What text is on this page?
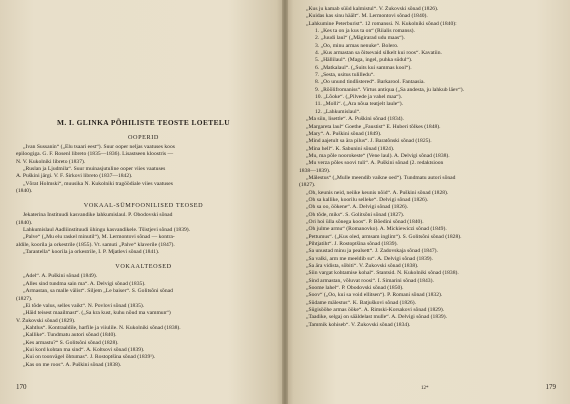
M. I. GLINKA PÕHILISTE TEOSTE LOETELU
OOPERID
„Ivan Sussanin“ („Elu tsaari eest“). Suur ooper neljas vaatuses koos
epiloogiga. G. F. Rosenl libreto (1835—1836). Lisastseen kloostris —
N. V. Kukolniki libreto (1837).
„Ruslan ja Ljudmila“. Suur muinasjutuline ooper viies vaatuses
A. Puškini järgi. V. F. Širkovi libreto (1837—1842).
„Võrat Holmski“, muusika N. Kukolniki tragöödiale viies vaatuses
(1840).
VOKAAL-SÜMFOONILISED TEOSED
Jekaterina Instituudi kasvandike lahkumislaul. P. Obodovski sõnad
(1840).
Lahkumislaul Aadliinstituudi ühingu kasvandikele. Tšistjevi sõnad (1839).
„Palve“ („Mu elu raskel minutil“), M. Lermontovi sõnad — kontra-
aldile, koorila ja orkestrile (1855). Vt. samuti „Palve“ klaverile (1847).
„Tarantella“ koorila ja orkestrile, I. P. Mjatlevi sõnad (1841).
VOKAALTEOSED
„Adel“. A. Puškini sõnad (1849).
„Alles sind tundma sain ma“. A. Delvigi sõnad (1835).
„Armastan, sa malle välist“. Siljem „Le baiser“. S. Golitsõni sõnad
(1827).
„Ei tõde valus, selles vaikt“. N. Povlovi sõnad (1835).
„Häid teisest maailmast“. („Sa kra kust, kuhu nõud ma vammun“)
V. Žukovski sõnad (1829).
„Kahtlus“. Kontraaldile, harfile ja viiulile. N. Kukolniki sõnad (1838).
„Kallike“. Tundmatu autori sõnad (1840).
„Kes armastu?“ S. Golitsõni sõnad (1828).
„Kui kord kohtan ma sind“. A. Koltsovi sõnad (1839).
„Kui on toonvägel õhtumas“. J. Rostoptšina sõnad (1839¹).
„Kas on me roos“. A. Puškini sõnad (1838).
170
„Kus ju kamab süüd kalmistul“. V. Žukovski sõnad (1826).
„Kuidas kas sinu häält“. M. Lermontovi sõnad (1840).
„Lahkumine Peterburist“. 12 romanssi. N. Kukolniki sõnad (1840):
1. „Kes ta on ja kus ta on“ (Riialis romanss).
2. „Juudi laul“ („Mägirarad udu maas“).
3. „Oo, minu armas nenuke“. Bolero.
4. „Kus armastan sa õitsevaid silkelt kui roos“. Kavatiin.
5. „Hällilaul“. (Maga, ingel, puhka südul“).
6. „Matkalaul“. („Suits kui sammas kool“).
7. „Sesta, usitus tulilledu“.
8. „Oo unund tindlistered“. Barkarool. Fantaasia.
9. „Rõõlifromaniss“. Virtus antiqua („Sa andestа, ju lahkub läev“).
10. „Lõoke“. („Pilvede ja vahel maa“).
11. „Molli“. („Ära nõua teatjelt laule“).
12. „Lahkumislaul“.
„Ma siin, lisettle“. A. Puškini sõnad (1834).
„Margareta laul“ Goethe „Faustist“ E. Huberi tõlkes (1848).
„Mary“. A. Puškini sõnad (1849).
„Mind aajetult sa ära pilus“. J. Baratõnski sõnad (1825).
„Mina hell“. K. Šabunini sõnad (1824).
„Mu, ma põle noorokeste“ (Vene laul). A. Delvigi sõnad (1838).
„Mu verza põles soovi tuli“. A. Puškini sõnad (2. redaktsioon
1838—1839).
„Mälestus“ („Mulle meendib vaikne oed“). Tundmatu autori sõnad
(1827).
„Oh, keunis neid, neiike keunis nõid“. A. Puškini sõnad (1828).
„Oh sa kallike, koorilu selleke“. Delvigi sõnad (1826).
„Oh sa oo, öökene“. A. Delvigi sõnad (1826).
„Oh tõde, miks“. S. Golitsõni sõnad (1827).
„Ori hoi ülla sõnega koos“. P. Bõedini sõnad (1840).
„Oh julme armu“ (Romanovko). A. Mickiewiczi sõnad (1849).
„Pettumus“. („Kus oled, armsam inglim“). S. Golitsõni sõnad (1828).
„Pihtjatiht“. J. Rostoptšina sõnad (1839).
„Sa unustad minu ja pealsett“. J. Zadovskaja sõnad (1847).
„Sa valki, arm me meeldib su“. A. Delvigi sõnad (1839).
„Sa ära vidista, sõbiti“. V. Žukovski sõnad (1838).
„Siin vargat kohtamise kohal“. Stantsid. N. Kukolniki sõnad (1838).
„Sind armastan, võluvat roosi“. I. Simarini sõnad (1843).
„Soome lahel“. P. Obodovski sõnad (1850).
„Soov“ („Oo, kui sa void ellitsen“). P. Romani sõnad (1832).
„Südame mälestus“. K. Batjuškovi sõnad (1826).
„Sügisööhe armas ööke“. A. Rimski-Korsakovi sõnad (1829).
„Taadike, selgaj on sääldelast mulle“. A. Delvigi sõnad (1839).
„Tammik kohiseb“. V. Žukovski sõnad (1834).
12*	179
